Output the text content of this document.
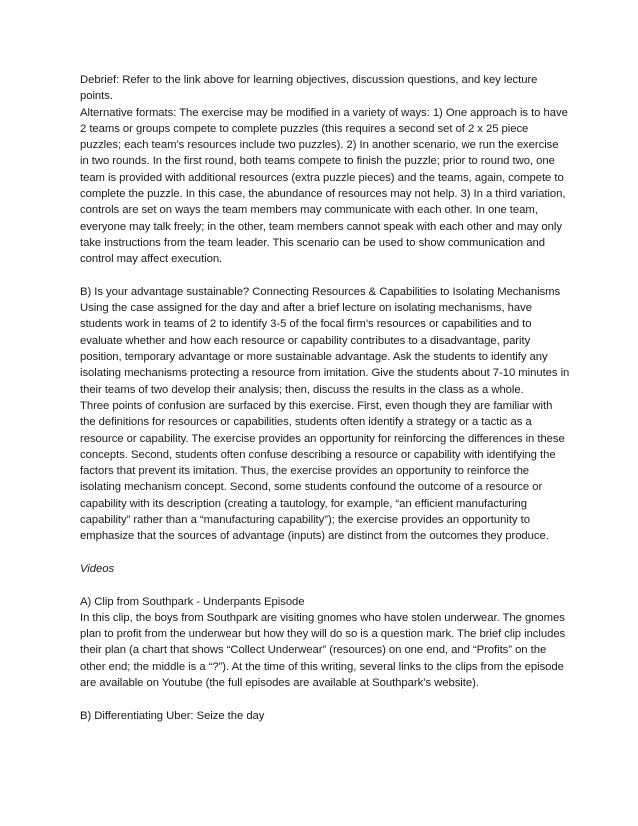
Debrief: Refer to the link above for learning objectives, discussion questions, and key lecture points.

Alternative formats: The exercise may be modified in a variety of ways: 1) One approach is to have 2 teams or groups compete to complete puzzles (this requires a second set of 2 x 25 piece puzzles; each team’s resources include two puzzles). 2) In another scenario, we run the exercise in two rounds. In the first round, both teams compete to finish the puzzle; prior to round two, one team is provided with additional resources (extra puzzle pieces) and the teams, again, compete to complete the puzzle. In this case, the abundance of resources may not help. 3) In a third variation, controls are set on ways the team members may communicate with each other. In one team, everyone may talk freely; in the other, team members cannot speak with each other and may only take instructions from the team leader. This scenario can be used to show communication and control may affect execution.

B) Is your advantage sustainable? Connecting Resources & Capabilities to Isolating Mechanisms

Using the case assigned for the day and after a brief lecture on isolating mechanisms, have students work in teams of 2 to identify 3-5 of the focal firm’s resources or capabilities and to evaluate whether and how each resource or capability contributes to a disadvantage, parity position, temporary advantage or more sustainable advantage. Ask the students to identify any isolating mechanisms protecting a resource from imitation. Give the students about 7-10 minutes in their teams of two develop their analysis; then, discuss the results in the class as a whole.

Three points of confusion are surfaced by this exercise. First, even though they are familiar with the definitions for resources or capabilities, students often identify a strategy or a tactic as a resource or capability. The exercise provides an opportunity for reinforcing the differences in these concepts. Second, students often confuse describing a resource or capability with identifying the factors that prevent its imitation. Thus, the exercise provides an opportunity to reinforce the isolating mechanism concept. Second, some students confound the outcome of a resource or capability with its description (creating a tautology, for example, “an efficient manufacturing capability” rather than a “manufacturing capability”); the exercise provides an opportunity to emphasize that the sources of advantage (inputs) are distinct from the outcomes they produce.

Videos

A) Clip from Southpark - Underpants Episode

In this clip, the boys from Southpark are visiting gnomes who have stolen underwear. The gnomes plan to profit from the underwear but how they will do so is a question mark. The brief clip includes their plan (a chart that shows “Collect Underwear” (resources) on one end, and “Profits” on the other end; the middle is a “?”). At the time of this writing, several links to the clips from the episode are available on Youtube (the full episodes are available at Southpark’s website).

B) Differentiating Uber: Seize the day
